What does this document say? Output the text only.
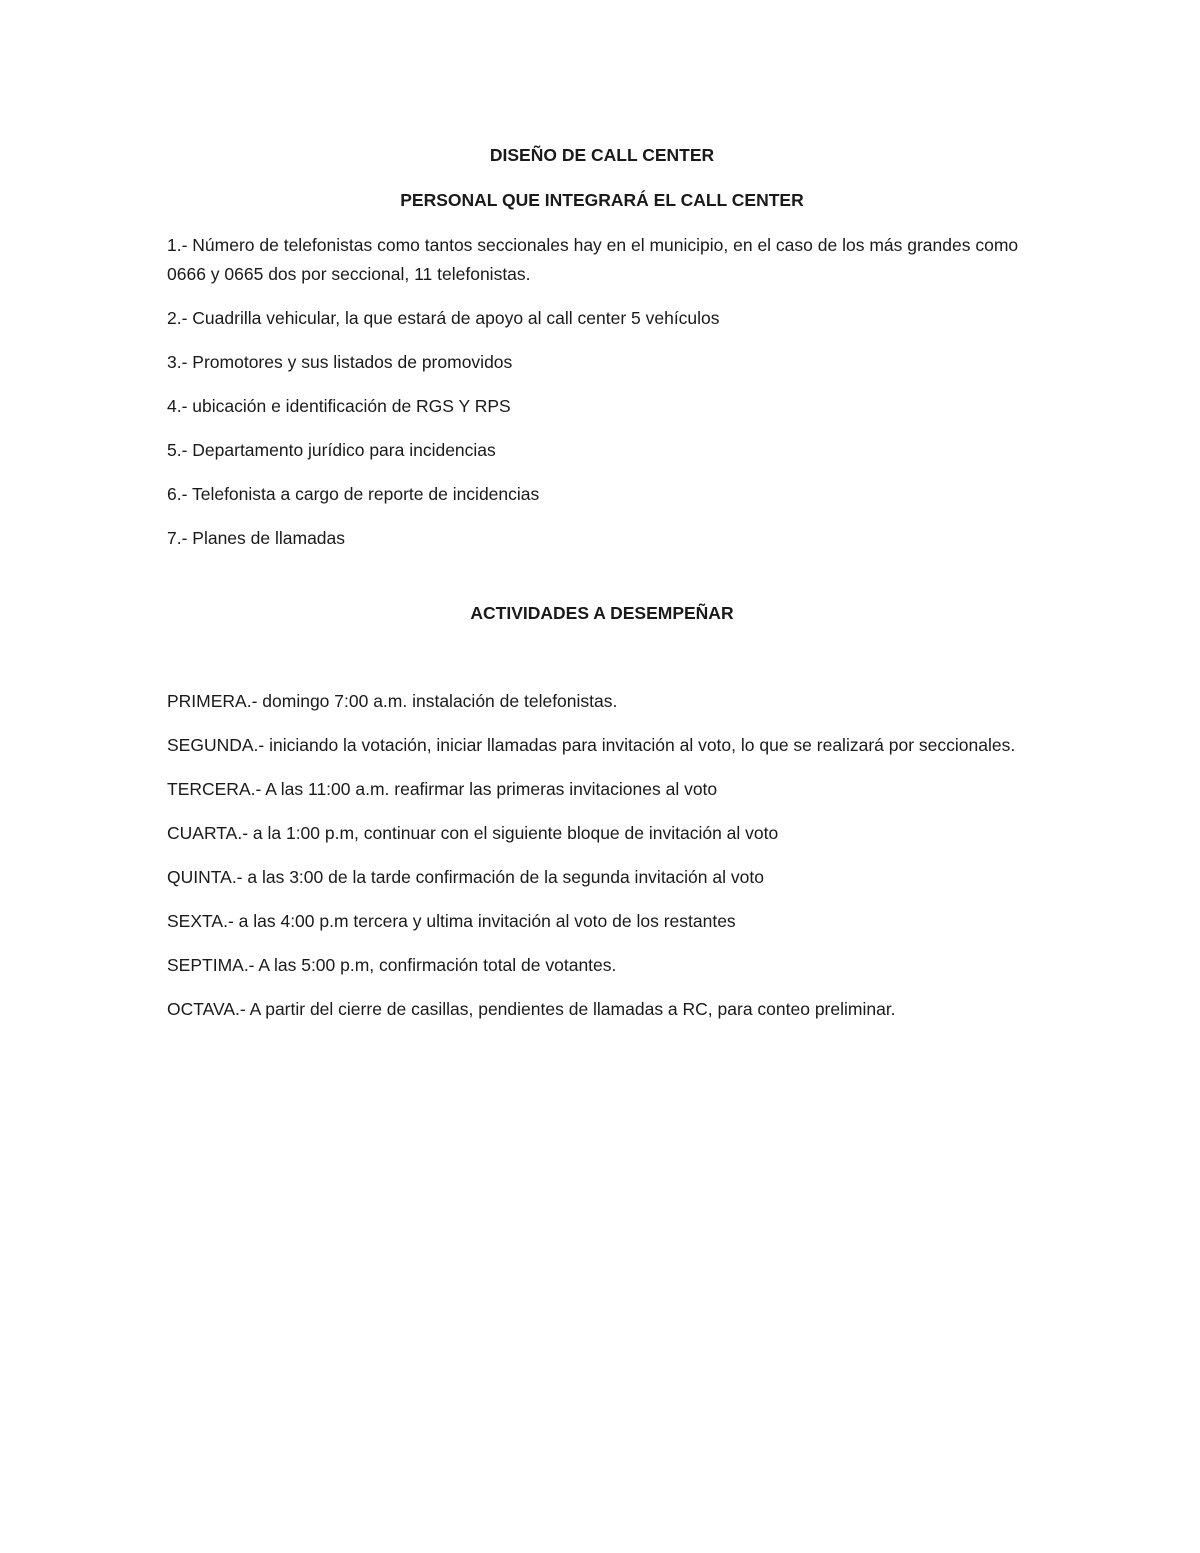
DISEÑO DE CALL CENTER

PERSONAL QUE INTEGRARÁ EL CALL CENTER

1.- Número de telefonistas como tantos seccionales hay en el municipio, en el caso de los más grandes como 0666 y 0665 dos por seccional, 11 telefonistas.

2.- Cuadrilla vehicular, la que estará de apoyo al call center 5 vehículos

3.- Promotores y sus listados de promovidos

4.- ubicación e identificación de RGS Y RPS

5.- Departamento jurídico para incidencias

6.- Telefonista a cargo de reporte de incidencias

7.- Planes de llamadas

ACTIVIDADES A DESEMPEÑAR

PRIMERA.- domingo 7:00 a.m. instalación de telefonistas.

SEGUNDA.- iniciando la votación, iniciar llamadas para invitación al voto, lo que se realizará por seccionales.

TERCERA.- A las 11:00 a.m. reafirmar las primeras invitaciones al voto

CUARTA.- a la 1:00 p.m, continuar con el siguiente bloque de invitación al voto

QUINTA.- a las 3:00 de la tarde confirmación de la segunda invitación al voto

SEXTA.- a las 4:00 p.m tercera y ultima invitación al voto de los restantes

SEPTIMA.- A las 5:00 p.m, confirmación total de votantes.

OCTAVA.- A partir del cierre de casillas, pendientes de llamadas a RC, para conteo preliminar.
